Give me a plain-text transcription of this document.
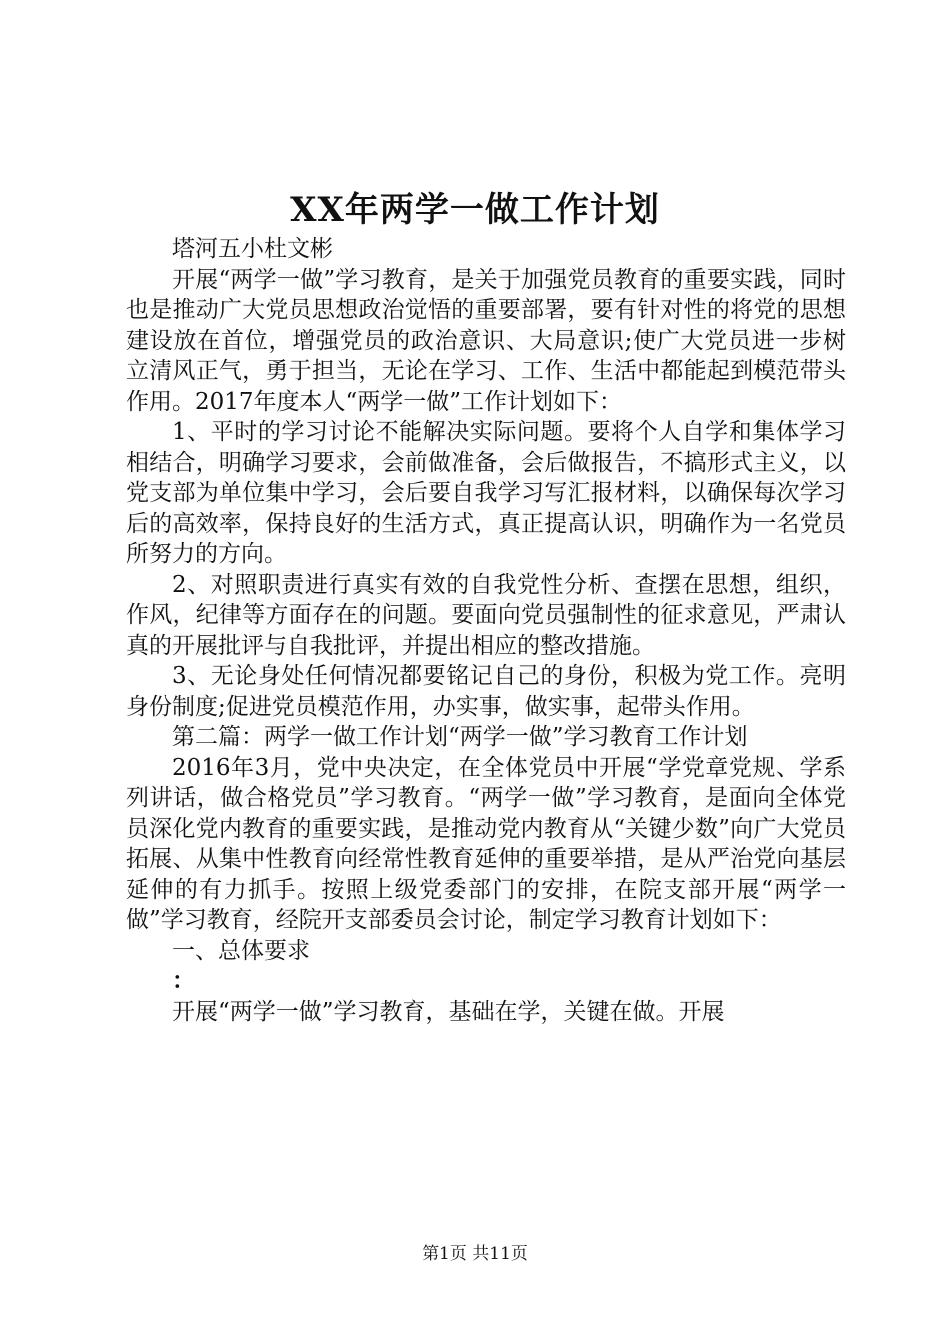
XX年两学一做工作计划

塔河五小杜文彬

开展“两学一做”学习教育，是关于加强党员教育的重要实践，同时也是推动广大党员思想政治觉悟的重要部署，要有针对性的将党的思想建设放在首位，增强党员的政治意识、大局意识;使广大党员进一步树立清风正气，勇于担当，无论在学习、工作、生活中都能起到模范带头作用。2017年度本人“两学一做”工作计划如下：

1、平时的学习讨论不能解决实际问题。要将个人自学和集体学习相结合，明确学习要求，会前做准备，会后做报告，不搞形式主义，以党支部为单位集中学习，会后要自我学习写汇报材料，以确保每次学习后的高效率，保持良好的生活方式，真正提高认识，明确作为一名党员所努力的方向。

2、对照职责进行真实有效的自我党性分析、查摆在思想，组织，作风，纪律等方面存在的问题。要面向党员强制性的征求意见，严肃认真的开展批评与自我批评，并提出相应的整改措施。

3、无论身处任何情况都要铭记自己的身份，积极为党工作。亮明身份制度;促进党员模范作用，办实事，做实事，起带头作用。

第二篇：两学一做工作计划“两学一做”学习教育工作计划

2016年3月，党中央决定，在全体党员中开展“学党章党规、学系列讲话，做合格党员”学习教育。“两学一做”学习教育，是面向全体党员深化党内教育的重要实践，是推动党内教育从“关键少数”向广大党员拓展、从集中性教育向经常性教育延伸的重要举措，是从严治党向基层延伸的有力抓手。按照上级党委部门的安排，在院支部开展“两学一做”学习教育，经院开支部委员会讨论，制定学习教育计划如下：

一、总体要求

：

开展“两学一做”学习教育，基础在学，关键在做。开展

第1页 共11页
